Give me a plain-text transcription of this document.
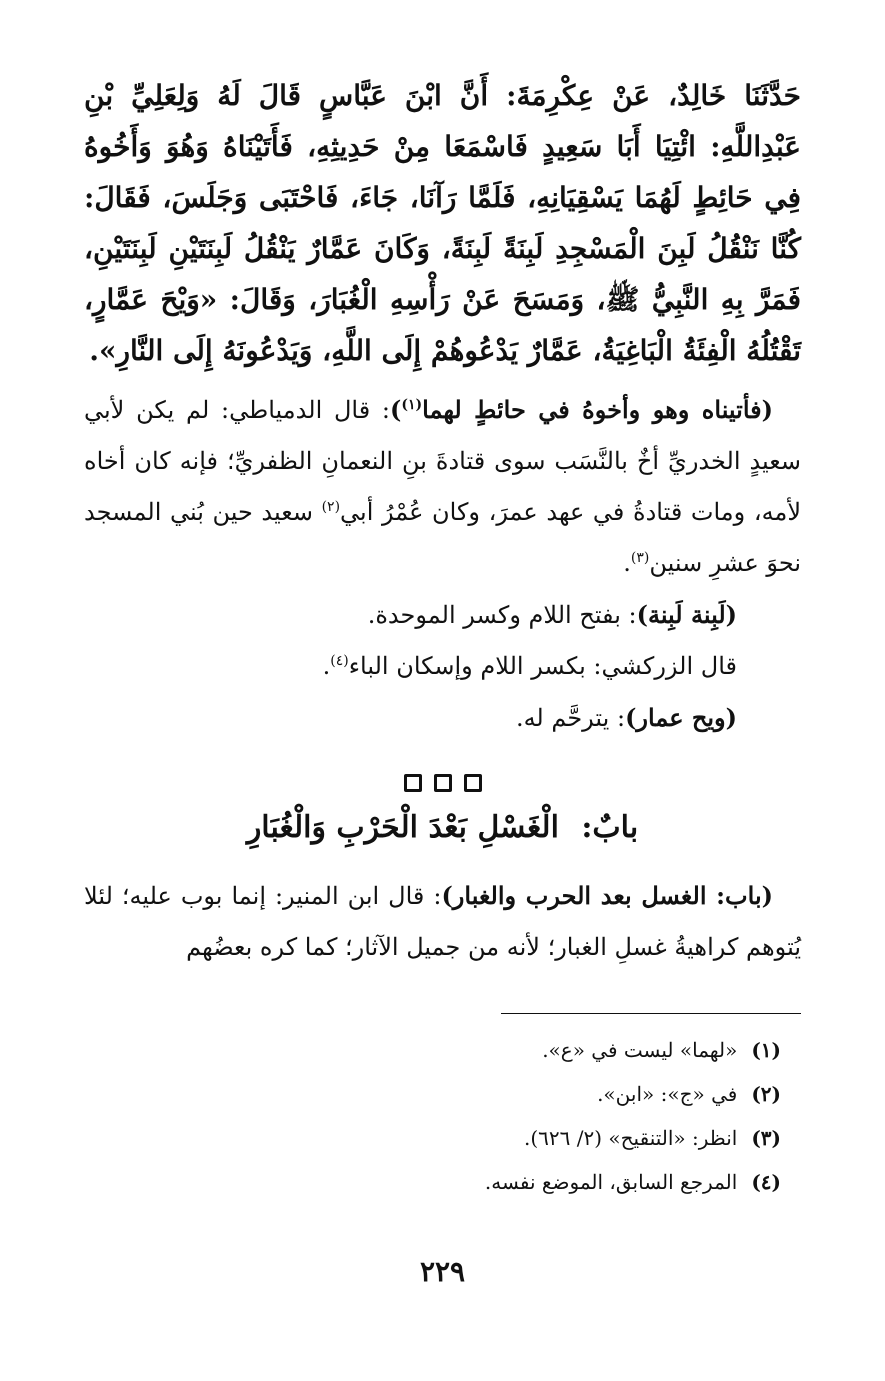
حَدَّثَنَا خَالِدٌ، عَنْ عِكْرِمَةَ: أَنَّ ابْنَ عَبَّاسٍ قَالَ لَهُ وَلِعَلِيِّ بْنِ عَبْدِاللَّهِ: ائْتِيَا أَبَا سَعِيدٍ فَاسْمَعَا مِنْ حَدِيثِهِ، فَأَتَيْنَاهُ وَهُوَ وَأَخُوهُ فِي حَائِطٍ لَهُمَا يَسْقِيَانِهِ، فَلَمَّا رَآنَا، جَاءَ، فَاحْتَبَى وَجَلَسَ، فَقَالَ: كُنَّا نَنْقُلُ لَبِنَ الْمَسْجِدِ لَبِنَةً لَبِنَةً، وَكَانَ عَمَّارٌ يَنْقُلُ لَبِنَتَيْنِ لَبِنَتَيْنِ، فَمَرَّ بِهِ النَّبِيُّ ﷺ، وَمَسَحَ عَنْ رَأْسِهِ الْغُبَارَ، وَقَالَ: «وَيْحَ عَمَّارٍ، تَقْتُلُهُ الْفِئَةُ الْبَاغِيَةُ، عَمَّارٌ يَدْعُوهُمْ إِلَى اللَّهِ، وَيَدْعُونَهُ إِلَى النَّارِ».

(فأتيناه وهو وأخوهُ في حائطٍ لهما$^{(١)}$): قال الدمياطي: لم يكن لأبي سعيدٍ الخدريِّ أخٌ بالنَّسَب سوى قتادةَ بنِ النعمانِ الظفريِّ؛ فإنه كان أخاه لأمه، ومات قتادةُ في عهد عمرَ، وكان عُمْرُ أبي$^{(٢)}$ سعيد حين بُني المسجد نحوَ عشرِ سنين$^{(٣)}$.

(لَبِنة لَبِنة): بفتح اللام وكسر الموحدة.

قال الزركشي: بكسر اللام وإسكان الباء$^{(٤)}$.

(ويح عمار): يترحَّم له.

بابٌ: الْغَسْلِ بَعْدَ الْحَرْبِ وَالْغُبَارِ

(باب: الغسل بعد الحرب والغبار): قال ابن المنير: إنما بوب عليه؛ لئلا يُتوهم كراهيةُ غسلِ الغبار؛ لأنه من جميل الآثار؛ كما كره بعضُهم

(١)
«لهما» ليست في «ع».
(٢)
في «ج»: «ابن».
(٣)
انظر: «التنقيح» (٢/ ٦٢٦).
(٤)
المرجع السابق، الموضع نفسه.
٢٢٩
